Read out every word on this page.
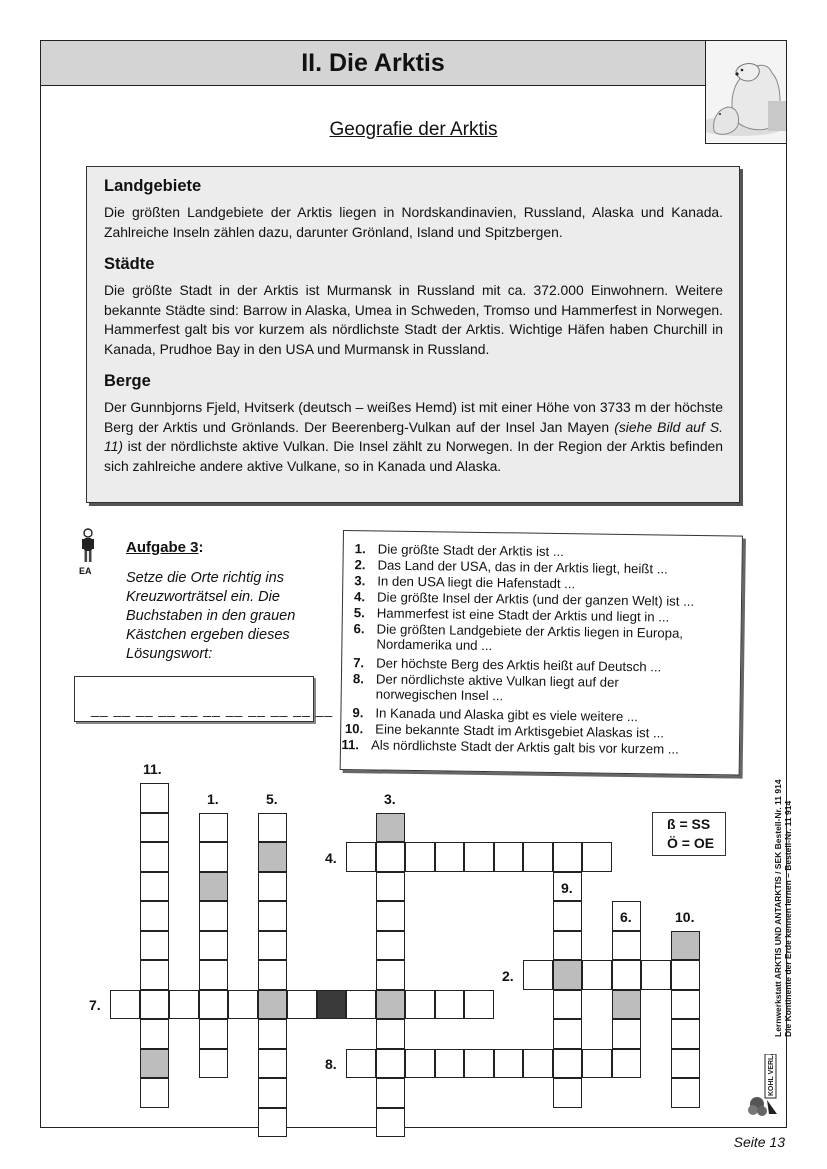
II. Die Arktis
Geografie der Arktis
Landgebiete

Die größten Landgebiete der Arktis liegen in Nordskandinavien, Russland, Alaska und Kanada. Zahlreiche Inseln zählen dazu, darunter Grönland, Island und Spitzbergen.

Städte

Die größte Stadt in der Arktis ist Murmansk in Russland mit ca. 372.000 Einwohnern. Weitere bekannte Städte sind: Barrow in Alaska, Umea in Schweden, Tromso und Hammerfest in Norwegen. Hammerfest galt bis vor kurzem als nördlichste Stadt der Arktis. Wichtige Häfen haben Churchill in Kanada, Prudhoe Bay in den USA und Murmansk in Russland.

Berge

Der Gunnbjorns Fjeld, Hvitserk (deutsch – weißes Hemd) ist mit einer Höhe von 3733 m der höchste Berg der Arktis und Grönlands. Der Beerenberg-Vulkan auf der Insel Jan Mayen (siehe Bild auf S. 11) ist der nördlichste aktive Vulkan. Die Insel zählt zu Norwegen. In der Region der Arktis befinden sich zahlreiche andere aktive Vulkane, so in Kanada und Alaska.

EA
Aufgabe 3:
Setze die Orte richtig ins Kreuzworträtsel ein. Die Buchstaben in den grauen Kästchen ergeben dieses Lösungswort:
__ __ __ __ __ __ __ __ __ __ __
1. Die größte Stadt der Arktis ist ...
2. Das Land der USA, das in der Arktis liegt, heißt ...
3. In den USA liegt die Hafenstadt ...
4. Die größte Insel der Arktis (und der ganzen Welt) ist ...
5. Hammerfest ist eine Stadt der Arktis und liegt in ...
6. Die größten Landgebiete der Arktis liegen in Europa,
Nordamerika und ...
7. Der höchste Berg des Arktis heißt auf Deutsch ...
8. Der nördlichste aktive Vulkan liegt auf der
norwegischen Insel ...
9. In Kanada und Alaska gibt es viele weitere ...
10. Eine bekannte Stadt im Arktisgebiet Alaskas ist ...
11. Als nördlichste Stadt der Arktis galt bis vor kurzem ...
11.
1.	5.	3.
4.
9.
6.	10.
2.
7.
8.
ß = SS
Ö = OE	Lernwerkstatt ARKTIS UND ANTARKTIS / SEK Bestell-Nr. 11 914 Die Kontinente der Erde kennen lernen – Bestell-Nr. 11 914
KOHL VERLAG
Seite 13
